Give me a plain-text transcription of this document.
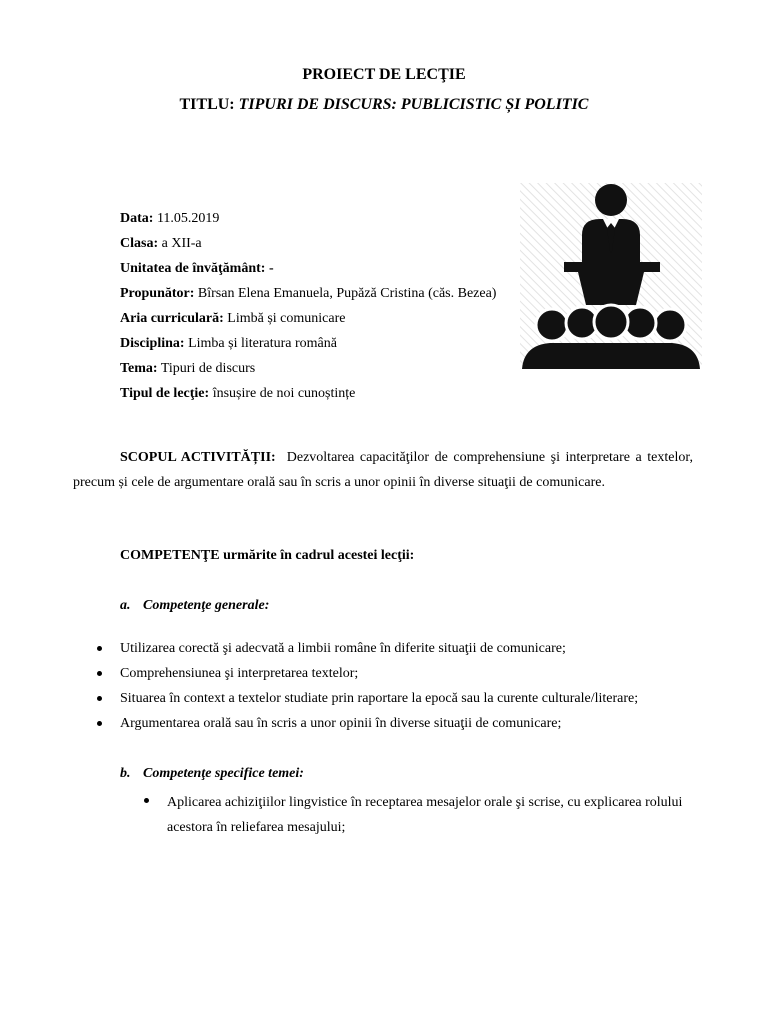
PROIECT DE LECŢIE
TITLU: TIPURI DE DISCURS: PUBLICISTIC ȘI POLITIC
Data: 11.05.2019
Clasa: a XII-a
Unitatea de învăţământ: -
Propunător: Bîrsan Elena Emanuela, Pupăză Cristina (căs. Bezea)
Aria curriculară: Limbă și comunicare
Disciplina: Limba și literatura română
Tema: Tipuri de discurs
Tipul de lecţie: însușire de noi cunoștințe
SCOPUL ACTIVITĂȚII: Dezvoltarea capacităţilor de comprehensiune şi interpretare a textelor, precum și cele de argumentare orală sau în scris a unor opinii în diverse situaţii de comunicare.
COMPETENŢE urmărite în cadrul acestei lecţii:
a. Competenţe generale:
Utilizarea corectă şi adecvată a limbii române în diferite situaţii de comunicare;
Comprehensiunea şi interpretarea textelor;
Situarea în context a textelor studiate prin raportare la epocă sau la curente culturale/literare;
Argumentarea orală sau în scris a unor opinii în diverse situaţii de comunicare;
b. Competenţe specifice temei:
Aplicarea achiziţiilor lingvistice în receptarea mesajelor orale şi scrise, cu explicarea rolului acestora în reliefarea mesajului;
